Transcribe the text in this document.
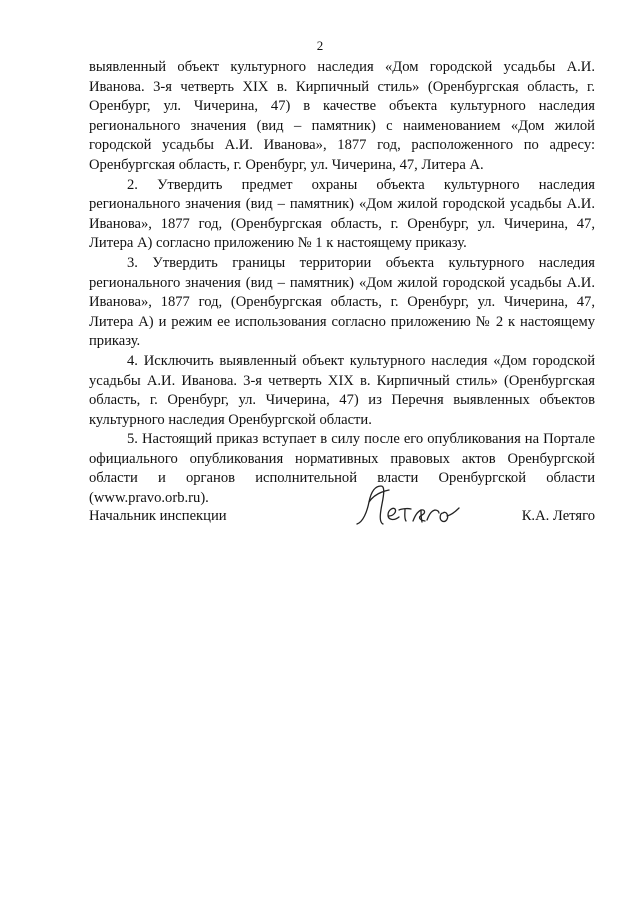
2

выявленный объект культурного наследия «Дом городской усадьбы А.И. Иванова. 3-я четверть XIX в. Кирпичный стиль» (Оренбургская область, г. Оренбург, ул. Чичерина, 47) в качестве объекта культурного наследия регионального значения (вид – памятник) с наименованием «Дом жилой городской усадьбы А.И. Иванова», 1877 год, расположенного по адресу: Оренбургская область, г. Оренбург, ул. Чичерина, 47, Литера А.

2. Утвердить предмет охраны объекта культурного наследия регионального значения (вид – памятник) «Дом жилой городской усадьбы А.И. Иванова», 1877 год, (Оренбургская область, г. Оренбург, ул. Чичерина, 47, Литера А) согласно приложению № 1 к настоящему приказу.

3. Утвердить границы территории объекта культурного наследия регионального значения (вид – памятник) «Дом жилой городской усадьбы А.И. Иванова», 1877 год, (Оренбургская область, г. Оренбург, ул. Чичерина, 47, Литера А) и режим ее использования согласно приложению № 2 к настоящему приказу.

4. Исключить выявленный объект культурного наследия «Дом городской усадьбы А.И. Иванова. 3-я четверть XIX в. Кирпичный стиль» (Оренбургская область, г. Оренбург, ул. Чичерина, 47) из Перечня выявленных объектов культурного наследия Оренбургской области.

5. Настоящий приказ вступает в силу после его опубликования на Портале официального опубликования нормативных правовых актов Оренбургской области и органов исполнительной власти Оренбургской области (www.pravo.orb.ru).

Начальник инспекции	К.А. Летяго
